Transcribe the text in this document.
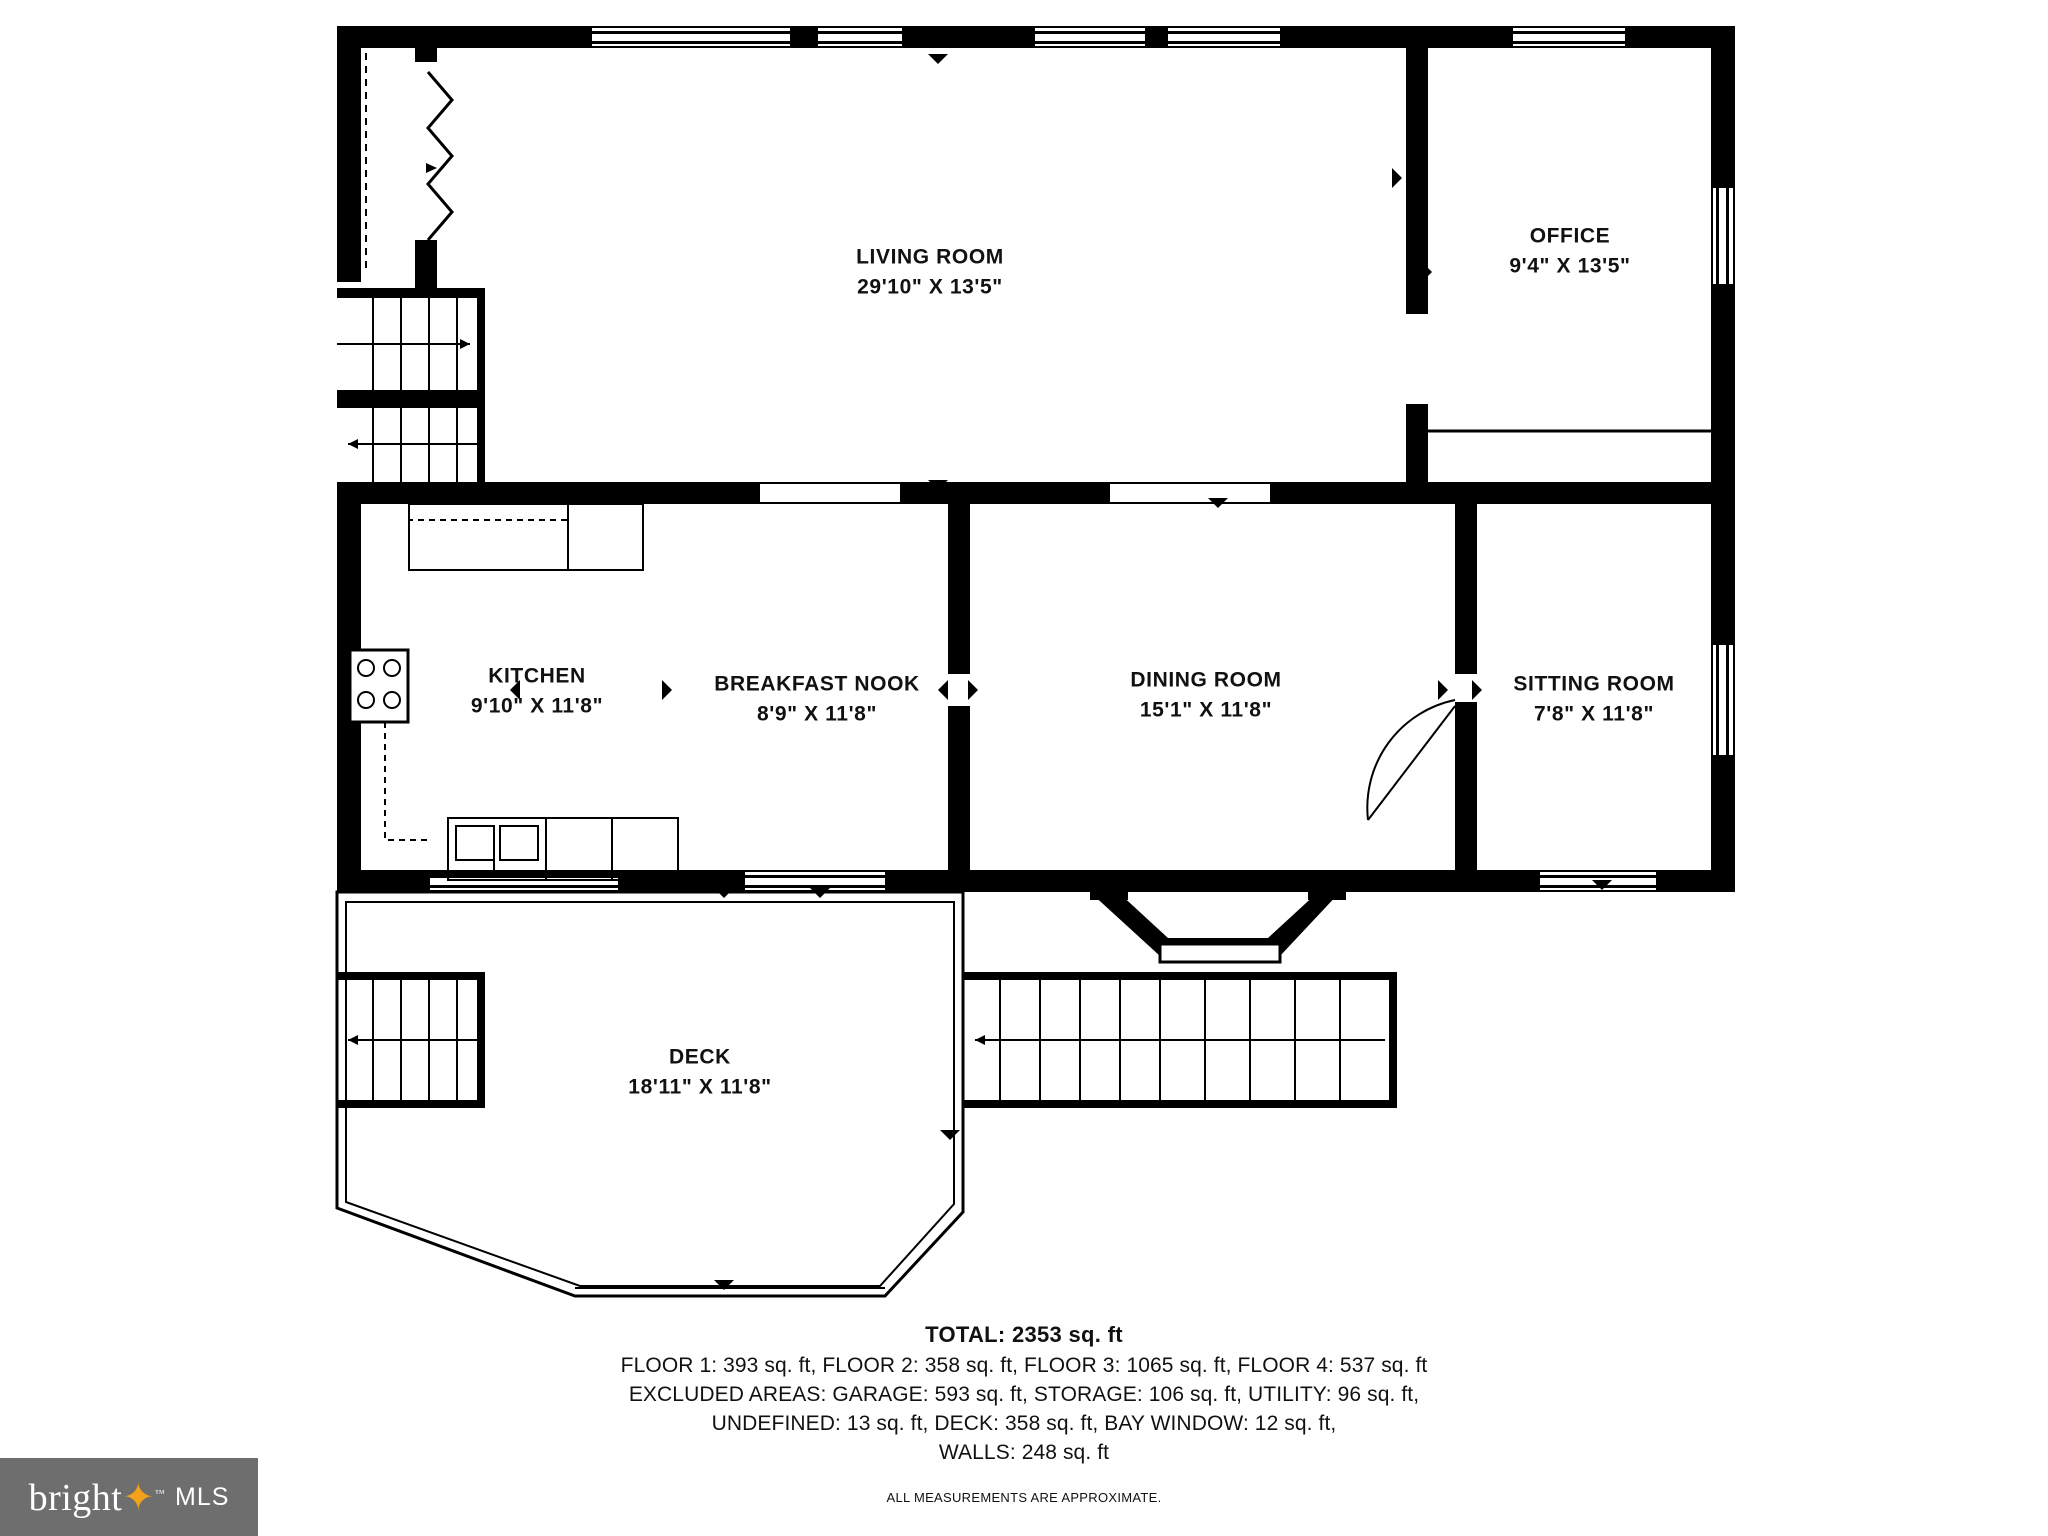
LIVING ROOM
29'10" X 13'5"
OFFICE
9'4" X 13'5"
KITCHEN
9'10" X 11'8"
BREAKFAST NOOK
8'9" X 11'8"
DINING ROOM
15'1" X 11'8"
SITTING ROOM
7'8" X 11'8"
DECK
18'11" X 11'8"
TOTAL: 2353 sq. ft
FLOOR 1: 393 sq. ft, FLOOR 2: 358 sq. ft, FLOOR 3: 1065 sq. ft, FLOOR 4: 537 sq. ft
EXCLUDED AREAS: GARAGE: 593 sq. ft, STORAGE: 106 sq. ft, UTILITY: 96 sq. ft,
UNDEFINED: 13 sq. ft, DECK: 358 sq. ft, BAY WINDOW: 12 sq. ft,
WALLS: 248 sq. ft
ALL MEASUREMENTS ARE APPROXIMATE.
bright✦™ MLS
